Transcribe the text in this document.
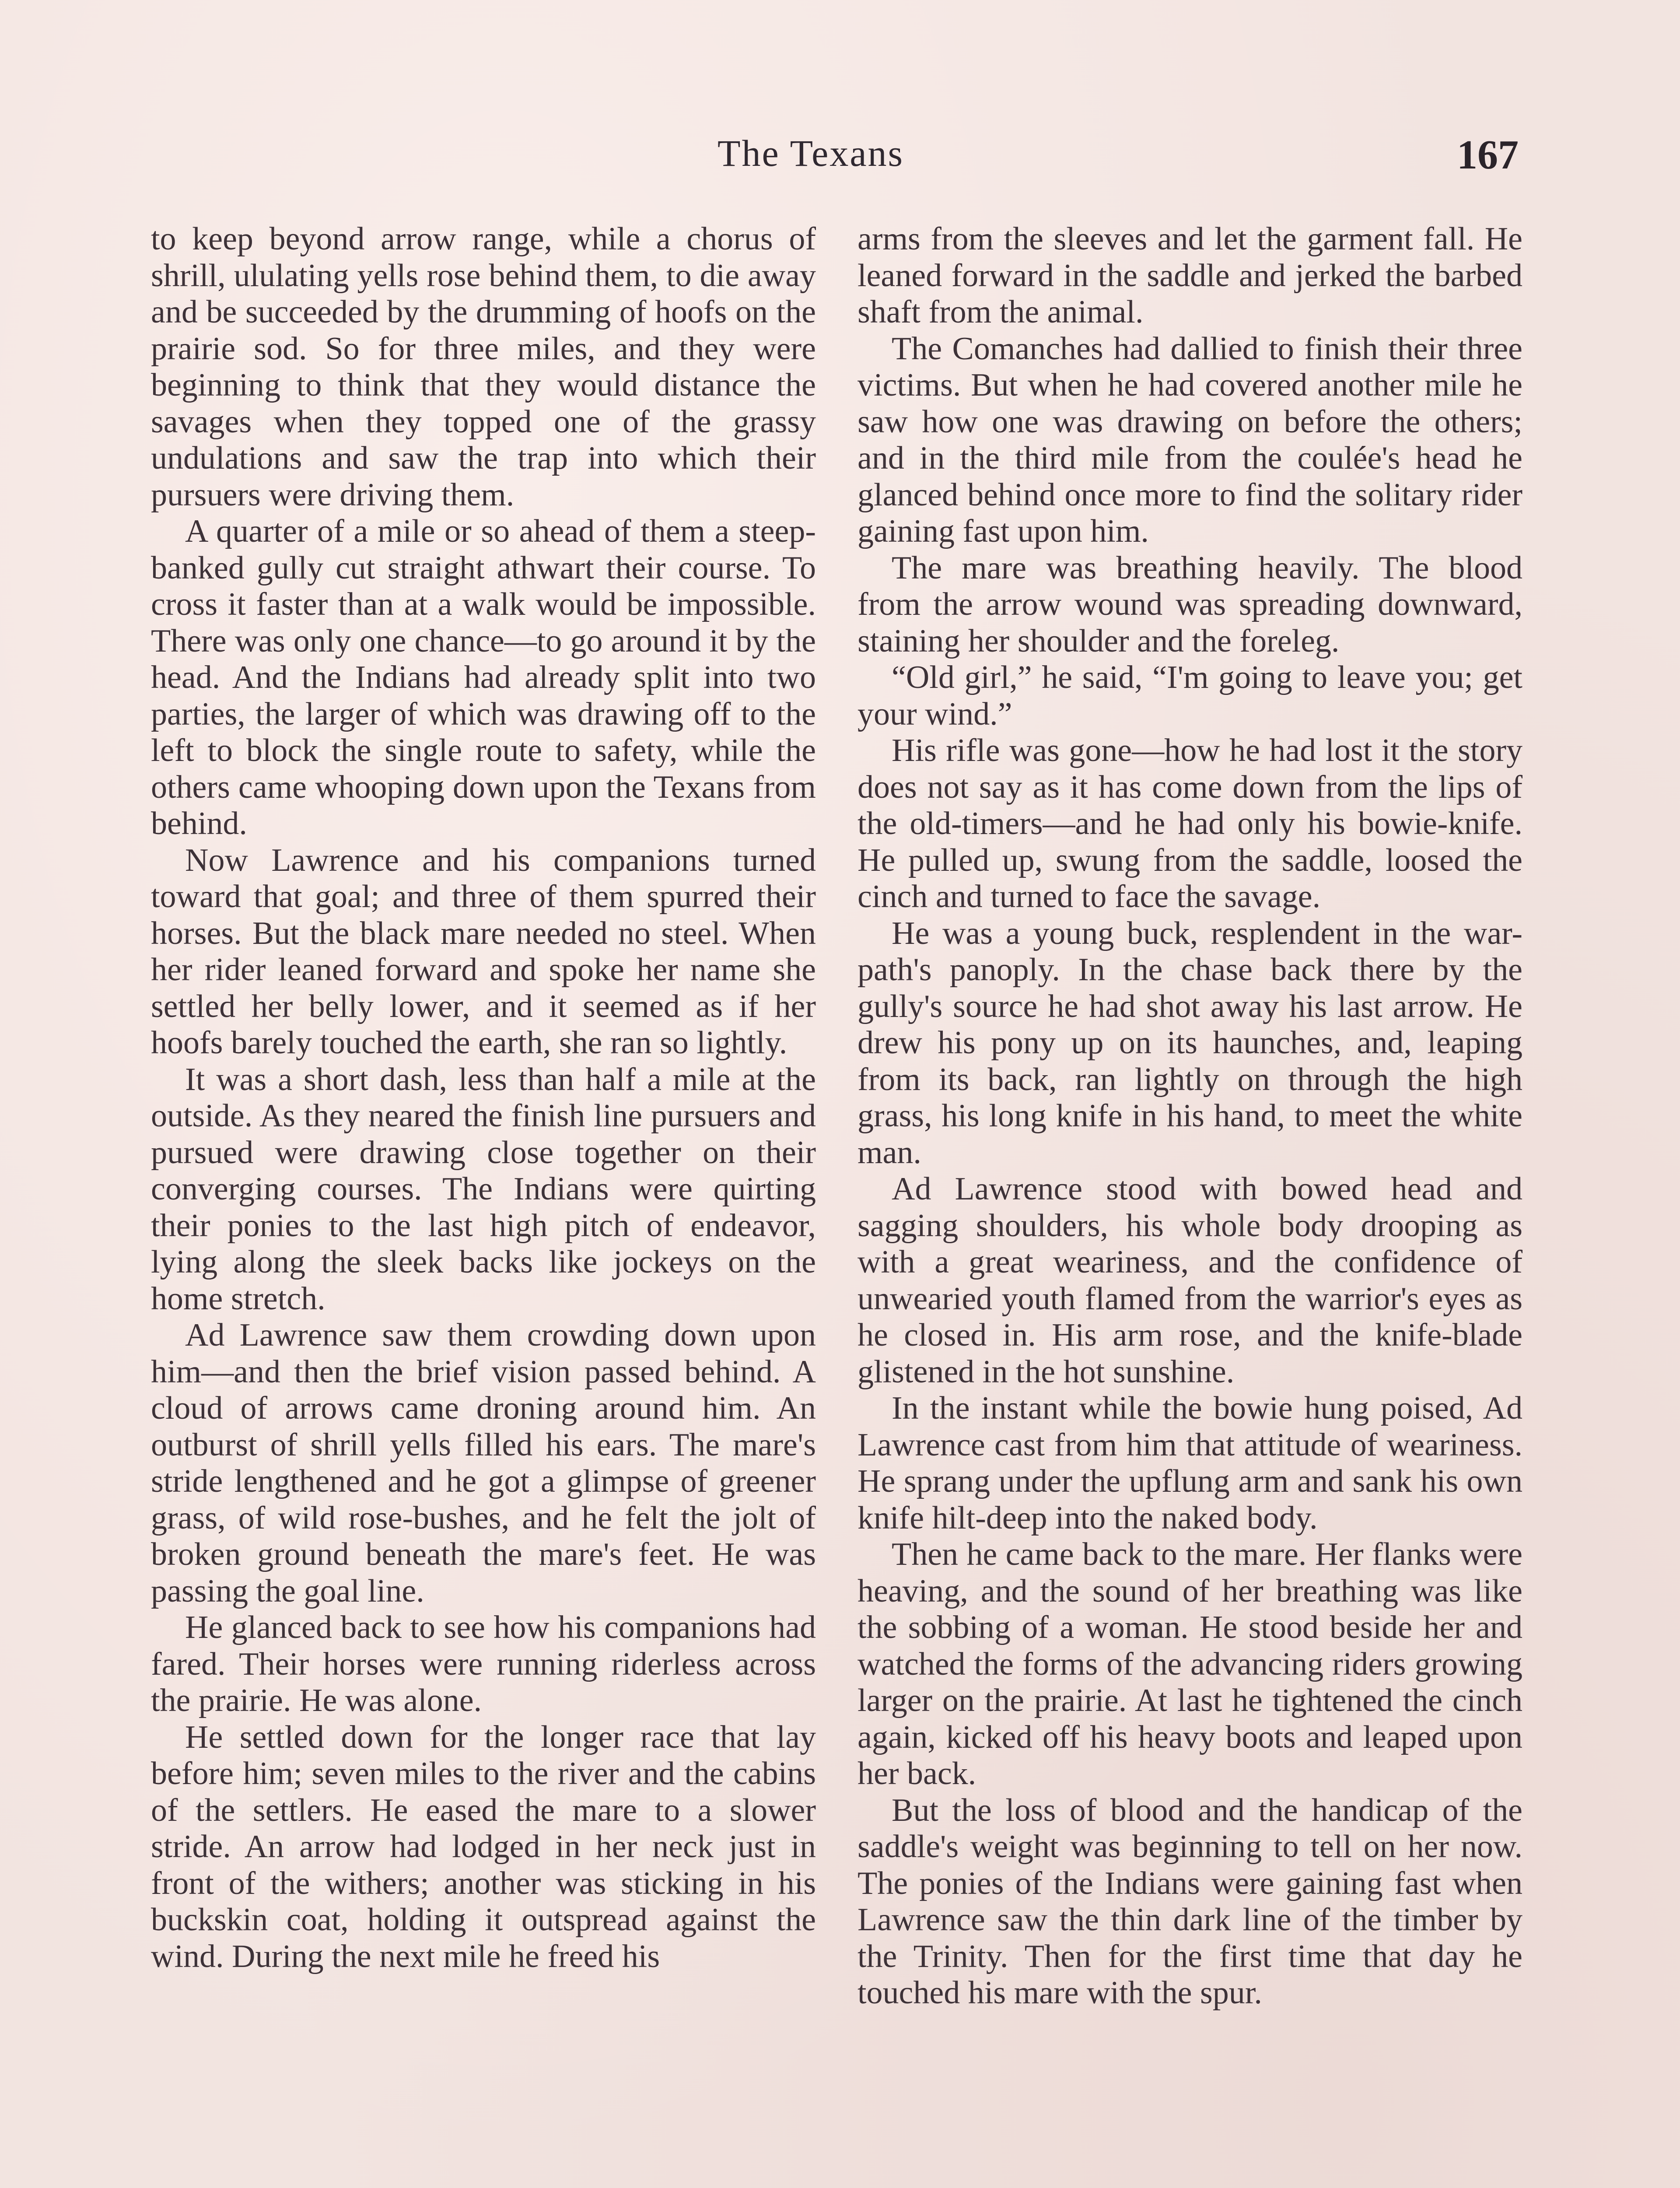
The Texans	167

to keep beyond arrow range, while a chorus of shrill, ululating yells rose behind them, to die away and be succeeded by the drumming of hoofs on the prairie sod. So for three miles, and they were beginning to think that they would distance the savages when they topped one of the grassy undulations and saw the trap into which their pursuers were driving them.

A quarter of a mile or so ahead of them a steep-banked gully cut straight athwart their course. To cross it faster than at a walk would be impossible. There was only one chance—to go around it by the head. And the Indians had already split into two parties, the larger of which was drawing off to the left to block the single route to safety, while the others came whooping down upon the Texans from behind.

Now Lawrence and his companions turned toward that goal; and three of them spurred their horses. But the black mare needed no steel. When her rider leaned forward and spoke her name she settled her belly lower, and it seemed as if her hoofs barely touched the earth, she ran so lightly.

It was a short dash, less than half a mile at the outside. As they neared the finish line pursuers and pursued were drawing close together on their converging courses. The Indians were quirting their ponies to the last high pitch of endeavor, lying along the sleek backs like jockeys on the home stretch.

Ad Lawrence saw them crowding down upon him—and then the brief vision passed behind. A cloud of arrows came droning around him. An outburst of shrill yells filled his ears. The mare's stride lengthened and he got a glimpse of greener grass, of wild rose-bushes, and he felt the jolt of broken ground beneath the mare's feet. He was passing the goal line.

He glanced back to see how his companions had fared. Their horses were running riderless across the prairie. He was alone.

He settled down for the longer race that lay before him; seven miles to the river and the cabins of the settlers. He eased the mare to a slower stride. An arrow had lodged in her neck just in front of the withers; another was sticking in his buckskin coat, holding it outspread against the wind. During the next mile he freed his

arms from the sleeves and let the garment fall. He leaned forward in the saddle and jerked the barbed shaft from the animal.

The Comanches had dallied to finish their three victims. But when he had covered another mile he saw how one was drawing on before the others; and in the third mile from the coulée's head he glanced behind once more to find the solitary rider gaining fast upon him.

The mare was breathing heavily. The blood from the arrow wound was spreading downward, staining her shoulder and the foreleg.

“Old girl,” he said, “I'm going to leave you; get your wind.”

His rifle was gone—how he had lost it the story does not say as it has come down from the lips of the old-timers—and he had only his bowie-knife. He pulled up, swung from the saddle, loosed the cinch and turned to face the savage.

He was a young buck, resplendent in the war-path's panoply. In the chase back there by the gully's source he had shot away his last arrow. He drew his pony up on its haunches, and, leaping from its back, ran lightly on through the high grass, his long knife in his hand, to meet the white man.

Ad Lawrence stood with bowed head and sagging shoulders, his whole body drooping as with a great weariness, and the confidence of unwearied youth flamed from the warrior's eyes as he closed in. His arm rose, and the knife-blade glistened in the hot sunshine.

In the instant while the bowie hung poised, Ad Lawrence cast from him that attitude of weariness. He sprang under the upflung arm and sank his own knife hilt-deep into the naked body.

Then he came back to the mare. Her flanks were heaving, and the sound of her breathing was like the sobbing of a woman. He stood beside her and watched the forms of the advancing riders growing larger on the prairie. At last he tightened the cinch again, kicked off his heavy boots and leaped upon her back.

But the loss of blood and the handicap of the saddle's weight was beginning to tell on her now. The ponies of the Indians were gaining fast when Lawrence saw the thin dark line of the timber by the Trinity. Then for the first time that day he touched his mare with the spur.
